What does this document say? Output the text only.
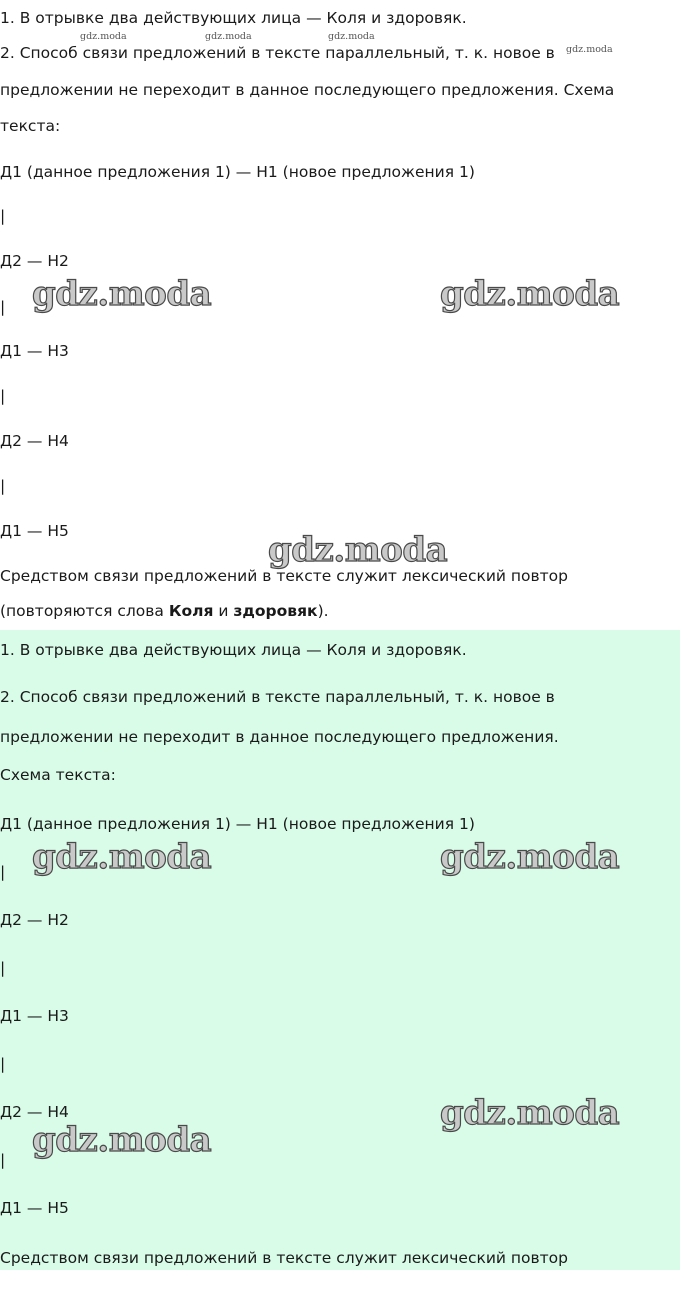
1. В отрывке два действующих лица — Коля и здоровяк.
2. Способ связи предложений в тексте параллельный, т. к. новое в
предложении не переходит в данное последующего предложения. Схема
текста:
Д1 (данное предложения 1) — Н1 (новое предложения 1)
|
Д2 — Н2
|
Д1 — Н3
|
Д2 — Н4
|
Д1 — Н5
Средством связи предложений в тексте служит лексический повтор
(повторяются слова Коля и здоровяк).
1. В отрывке два действующих лица — Коля и здоровяк.
2. Способ связи предложений в тексте параллельный, т. к. новое в
предложении не переходит в данное последующего предложения.
Схема текста:
Д1 (данное предложения 1) — Н1 (новое предложения 1)
|
Д2 — Н2
|
Д1 — Н3
|
Д2 — Н4
|
Д1 — Н5
Средством связи предложений в тексте служит лексический повтор
gdz.moda	gdz.moda	gdz.moda
gdz.moda
gdz.moda	gdz.moda
gdz.moda
gdz.moda	gdz.moda
gdz.moda
gdz.moda
